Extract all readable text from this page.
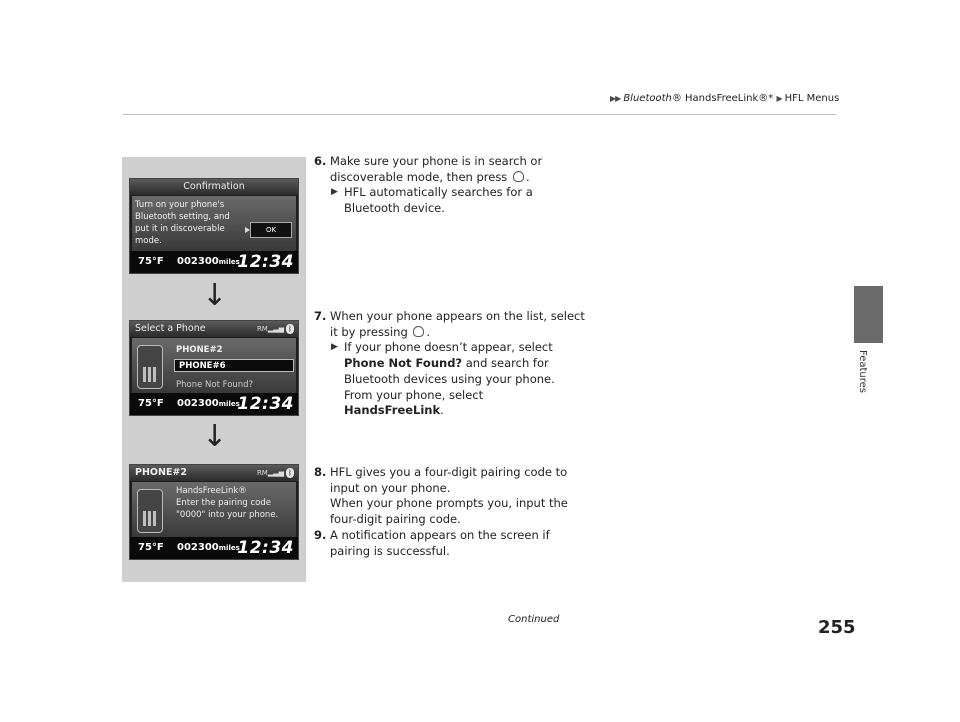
▶▶ Bluetooth® HandsFreeLink®* ▶ HFL Menus
Features
Confirmation
Turn on your phone's
Bluetooth setting, and
put it in discoverable
mode.
OK
75°F 002300miles
12:34
↓
Select a Phone	RM▂▃▅ ᛒ
PHONE#2
PHONE#6
Phone Not Found?
75°F 002300miles
12:34
↓
PHONE#2	RM▂▃▅ ᛒ
HandsFreeLink®
Enter the pairing code
"0000" into your phone.
75°F 002300miles
12:34
6. Make sure your phone is in search or
discoverable mode, then press .
▶ HFL automatically searches for a
Bluetooth device.
7. When your phone appears on the list, select
it by pressing .
▶ If your phone doesn’t appear, select
Phone Not Found? and search for
Bluetooth devices using your phone.
From your phone, select
HandsFreeLink.
8. HFL gives you a four-digit pairing code to
input on your phone.
When your phone prompts you, input the
four-digit pairing code.
9. A notification appears on the screen if
pairing is successful.
Continued	255
